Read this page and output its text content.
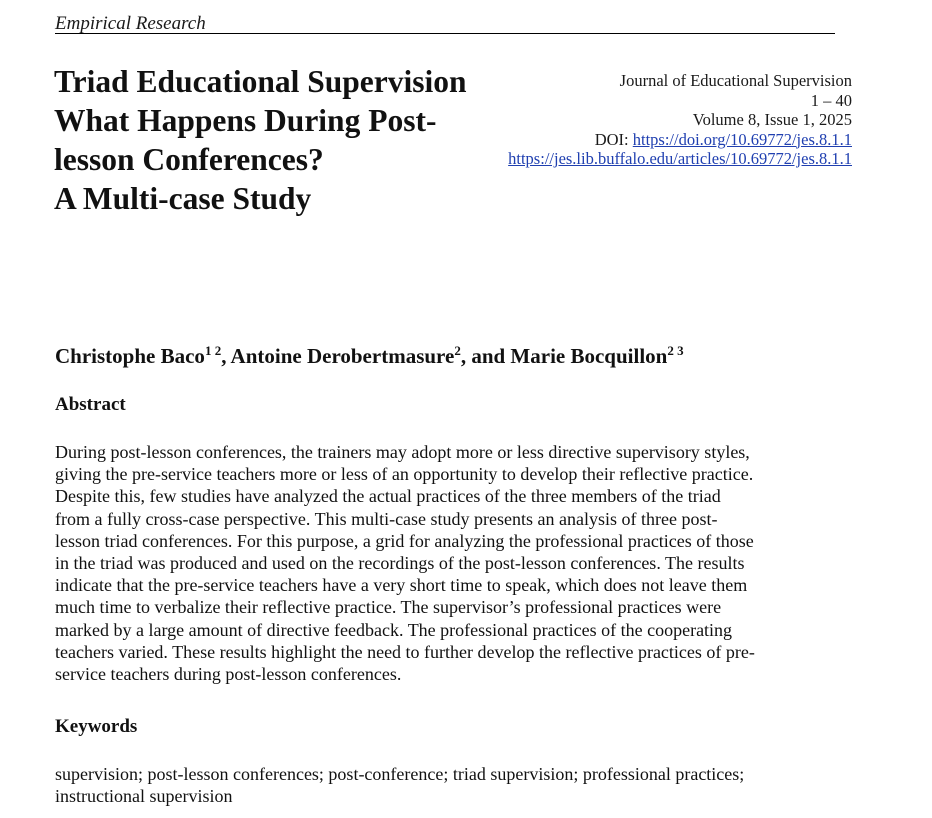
Empirical Research
Triad Educational Supervision
What Happens During Post-
lesson Conferences?
A Multi-case Study
Journal of Educational Supervision
1 – 40
Volume 8, Issue 1, 2025
DOI: https://doi.org/10.69772/jes.8.1.1
https://jes.lib.buffalo.edu/articles/10.69772/jes.8.1.1

Christophe Baco$^{1 2}$, Antoine Derobertmasure$^2$, and Marie Bocquillon$^{2 3}$

Abstract
During post-lesson conferences, the trainers may adopt more or less directive supervisory styles,
giving the pre-service teachers more or less of an opportunity to develop their reflective practice.
Despite this, few studies have analyzed the actual practices of the three members of the triad
from a fully cross-case perspective. This multi-case study presents an analysis of three post-
lesson triad conferences. For this purpose, a grid for analyzing the professional practices of those
in the triad was produced and used on the recordings of the post-lesson conferences. The results
indicate that the pre-service teachers have a very short time to speak, which does not leave them
much time to verbalize their reflective practice. The supervisor’s professional practices were
marked by a large amount of directive feedback. The professional practices of the cooperating
teachers varied. These results highlight the need to further develop the reflective practices of pre-
service teachers during post-lesson conferences.
Keywords
supervision; post-lesson conferences; post-conference; triad supervision; professional practices;
instructional supervision
